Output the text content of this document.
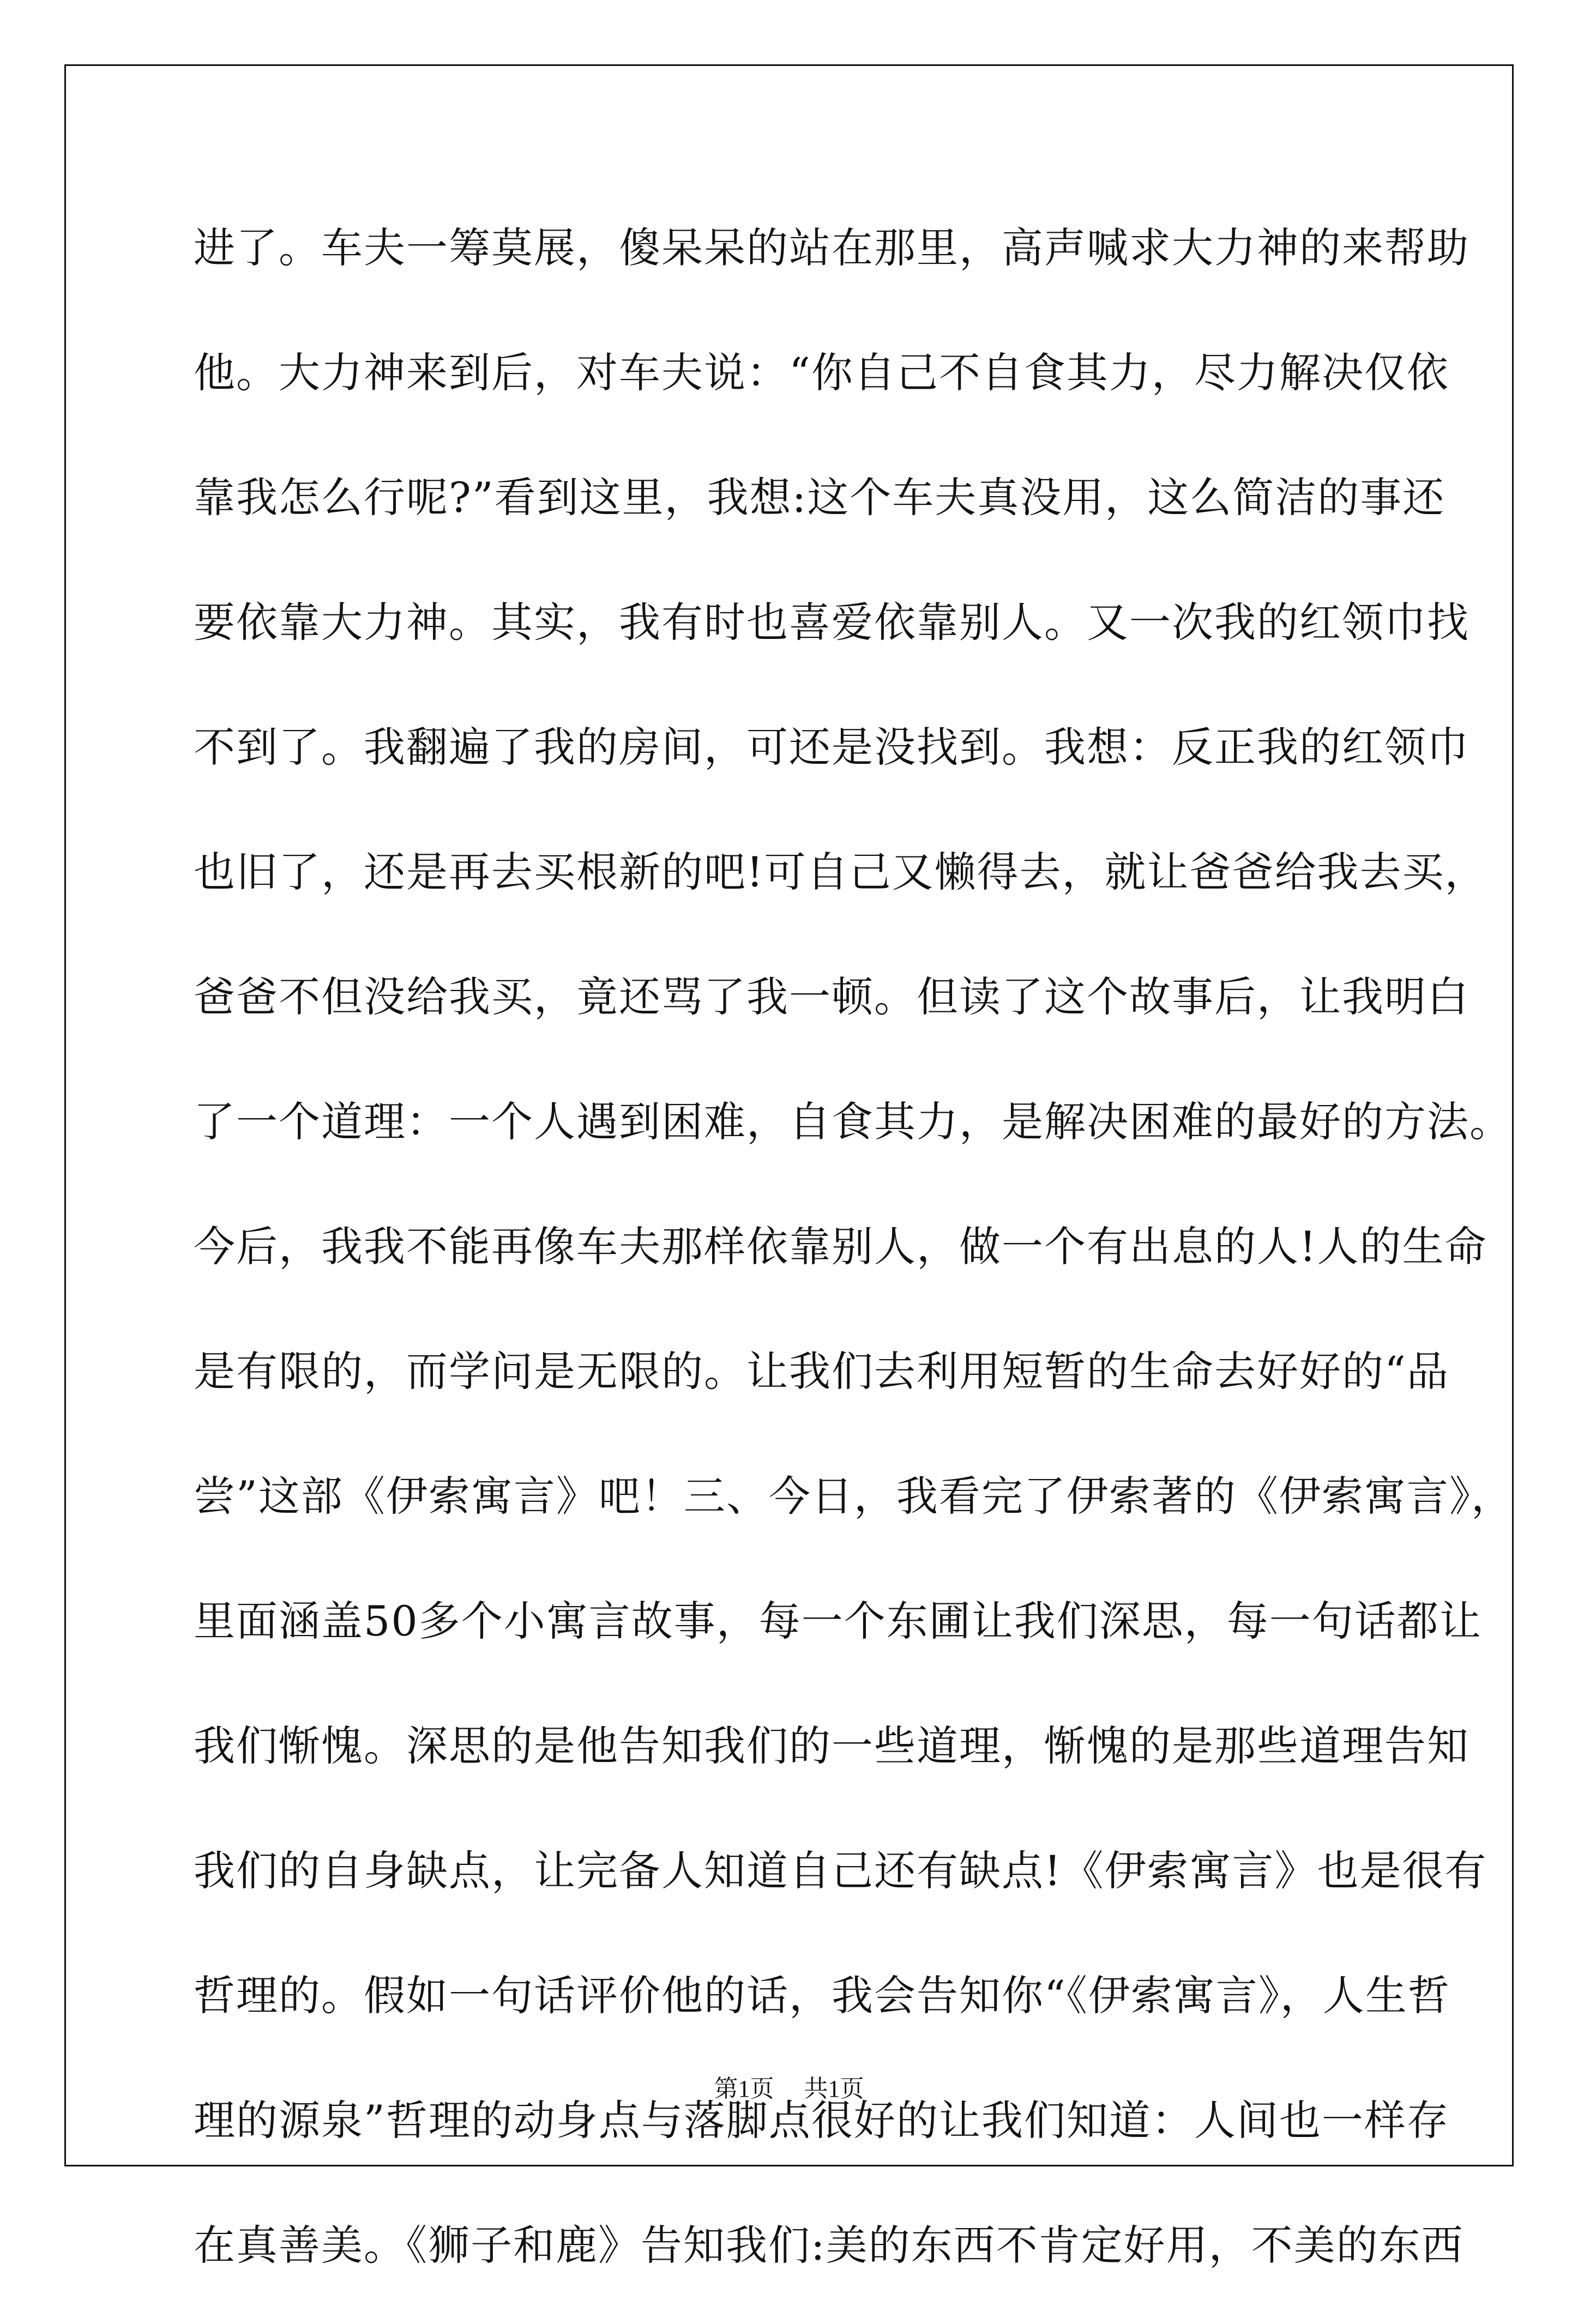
进了。车夫一筹莫展，傻呆呆的站在那里，高声喊求大力神的来帮助
他。大力神来到后，对车夫说：“你自己不自食其力，尽力解决仅依
靠我怎么行呢?”看到这里，我想:这个车夫真没用，这么简洁的事还
要依靠大力神。其实，我有时也喜爱依靠别人。又一次我的红领巾找
不到了。我翻遍了我的房间，可还是没找到。我想：反正我的红领巾
也旧了，还是再去买根新的吧!可自己又懒得去，就让爸爸给我去买，
爸爸不但没给我买，竟还骂了我一顿。但读了这个故事后，让我明白
了一个道理：一个人遇到困难，自食其力，是解决困难的最好的方法。
今后，我我不能再像车夫那样依靠别人，做一个有出息的人!人的生命
是有限的，而学问是无限的。让我们去利用短暂的生命去好好的“品
尝”这部《伊索寓言》吧！三、今日，我看完了伊索著的《伊索寓言》，
里面涵盖50多个小寓言故事，每一个东圃让我们深思，每一句话都让
我们惭愧。深思的是他告知我们的一些道理，惭愧的是那些道理告知
我们的自身缺点，让完备人知道自己还有缺点!《伊索寓言》也是很有
哲理的。假如一句话评价他的话，我会告知你“《伊索寓言》，人生哲
理的源泉”哲理的动身点与落脚点很好的让我们知道：人间也一样存
在真善美。《狮子和鹿》告知我们:美的东西不肯定好用，不美的东西
第1页 共1页
